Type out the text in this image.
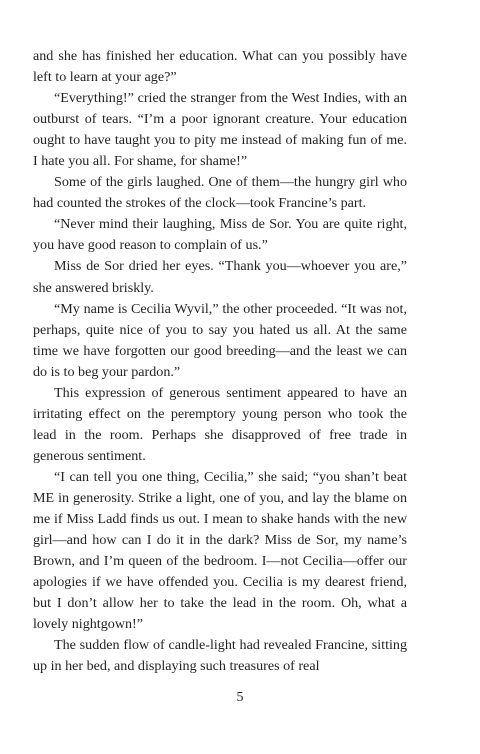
and she has finished her education. What can you possibly have left to learn at your age?”

“Everything!” cried the stranger from the West Indies, with an outburst of tears. “I’m a poor ignorant creature. Your education ought to have taught you to pity me instead of making fun of me. I hate you all. For shame, for shame!”

Some of the girls laughed. One of them—the hungry girl who had counted the strokes of the clock—took Francine’s part.

“Never mind their laughing, Miss de Sor. You are quite right, you have good reason to complain of us.”

Miss de Sor dried her eyes. “Thank you—whoever you are,” she answered briskly.

“My name is Cecilia Wyvil,” the other proceeded. “It was not, perhaps, quite nice of you to say you hated us all. At the same time we have forgotten our good breeding—and the least we can do is to beg your pardon.”

This expression of generous sentiment appeared to have an irritating effect on the peremptory young person who took the lead in the room. Perhaps she disapproved of free trade in generous sentiment.

“I can tell you one thing, Cecilia,” she said; “you shan’t beat ME in generosity. Strike a light, one of you, and lay the blame on me if Miss Ladd finds us out. I mean to shake hands with the new girl—and how can I do it in the dark? Miss de Sor, my name’s Brown, and I’m queen of the bedroom. I—not Cecilia—offer our apologies if we have offended you. Cecilia is my dearest friend, but I don’t allow her to take the lead in the room. Oh, what a lovely nightgown!”

The sudden flow of candle-light had revealed Francine, sitting up in her bed, and displaying such treasures of real

5
